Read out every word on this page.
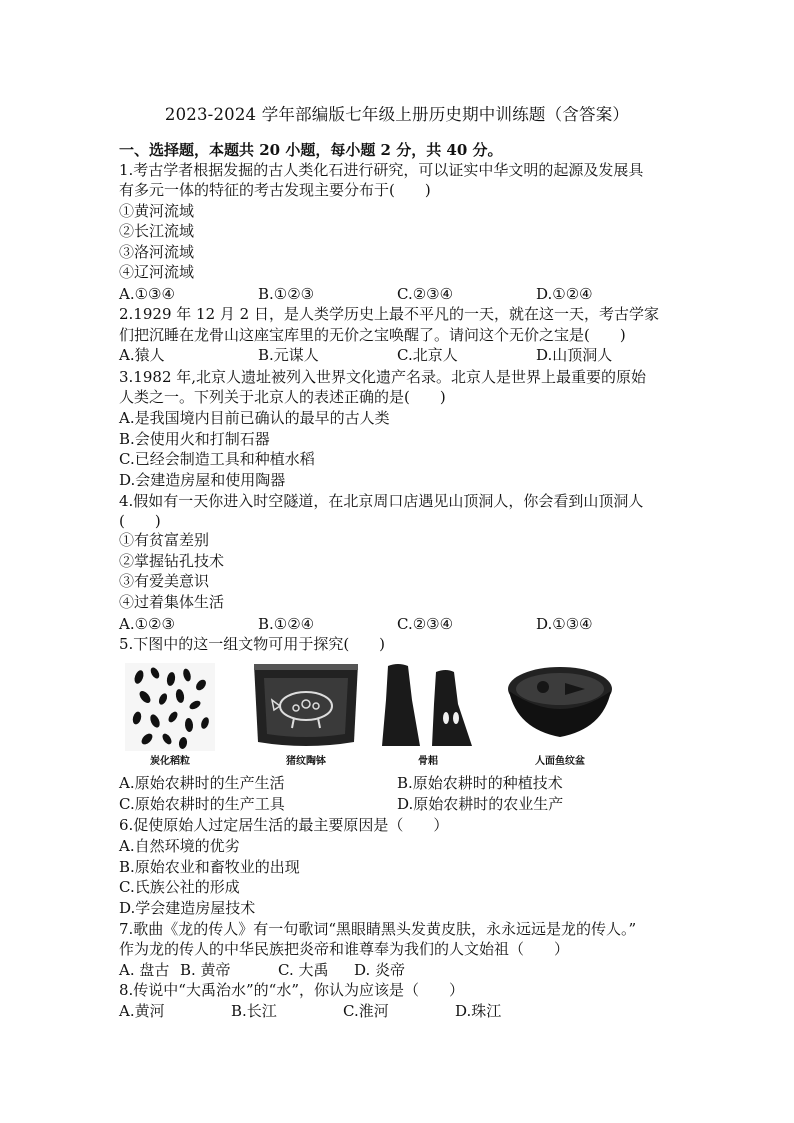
2023-2024 学年部编版七年级上册历史期中训练题（含答案）
一、选择题，本题共 20 小题，每小题 2 分，共 40 分。
1.考古学者根据发掘的古人类化石进行研究，可以证实中华文明的起源及发展具
有多元一体的特征的考古发现主要分布于(　　)
①黄河流域
②长江流域
③洛河流域
④辽河流域
A.①③④	B.①②③	C.②③④	D.①②④
2.1929 年 12 月 2 日，是人类学历史上最不平凡的一天，就在这一天，考古学家
们把沉睡在龙骨山这座宝库里的无价之宝唤醒了。请问这个无价之宝是(　　)
A.猿人	B.元谋人	C.北京人	D.山顶洞人
3.1982 年,北京人遗址被列入世界文化遗产名录。北京人是世界上最重要的原始
人类之一。下列关于北京人的表述正确的是(　　)
A.是我国境内目前已确认的最早的古人类
B.会使用火和打制石器
C.已经会制造工具和种植水稻
D.会建造房屋和使用陶器
4.假如有一天你进入时空隧道，在北京周口店遇见山顶洞人，你会看到山顶洞人
(　　)
①有贫富差别
②掌握钻孔技术
③有爱美意识
④过着集体生活
A.①②③	B.①②④	C.②③④	D.①③④
5.下图中的这一组文物可用于探究(　　)
炭化稻粒	猪纹陶钵	骨耜	人面鱼纹盆
A.原始农耕时的生产生活	B.原始农耕时的种植技术
C.原始农耕时的生产工具	D.原始农耕时的农业生产
6.促使原始人过定居生活的最主要原因是（　　）
A.自然环境的优劣
B.原始农业和畜牧业的出现
C.氏族公社的形成
D.学会建造房屋技术
7.歌曲《龙的传人》有一句歌词“黑眼睛黑头发黄皮肤，永永远远是龙的传人。”
作为龙的传人的中华民族把炎帝和谁尊奉为我们的人文始祖（　　）
A. 盘古 B. 黄帝	C. 大禹 D. 炎帝
8.传说中“大禹治水”的“水”，你认为应该是（　　）
A.黄河	B.长江	C.淮河	D.珠江
